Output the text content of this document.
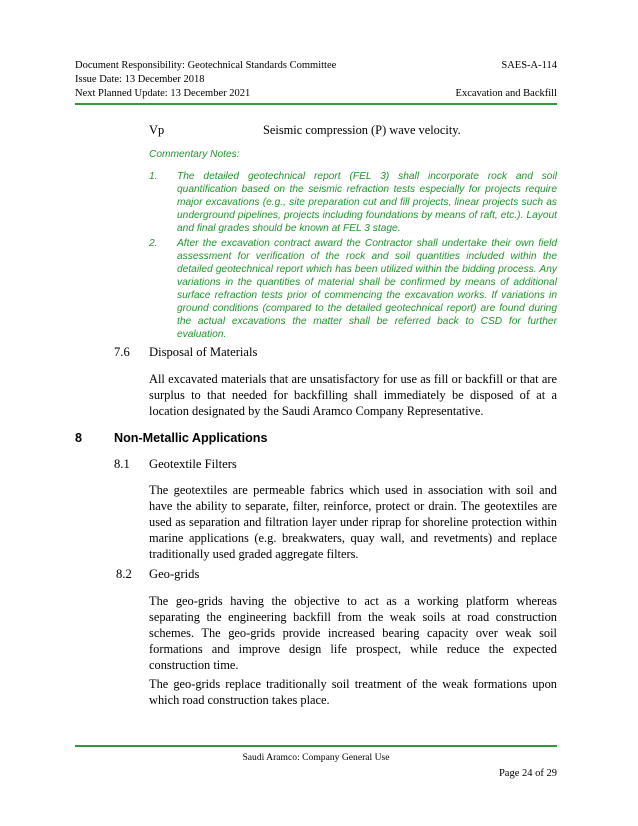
Document Responsibility: Geotechnical Standards Committee	SAES-A-114
Issue Date: 13 December 2018
Next Planned Update: 13 December 2021	Excavation and Backfill
Vp	Seismic compression (P) wave velocity.
Commentary Notes:
1. The detailed geotechnical report (FEL 3) shall incorporate rock and soil quantification based on the seismic refraction tests especially for projects require major excavations (e.g., site preparation cut and fill projects, linear projects such as underground pipelines, projects including foundations by means of raft, etc.). Layout and final grades should be known at FEL 3 stage.
2. After the excavation contract award the Contractor shall undertake their own field assessment for verification of the rock and soil quantities included within the detailed geotechnical report which has been utilized within the bidding process. Any variations in the quantities of material shall be confirmed by means of additional surface refraction tests prior of commencing the excavation works. If variations in ground conditions (compared to the detailed geotechnical report) are found during the actual excavations the matter shall be referred back to CSD for further evaluation.
7.6 Disposal of Materials
All excavated materials that are unsatisfactory for use as fill or backfill or that are surplus to that needed for backfilling shall immediately be disposed of at a location designated by the Saudi Aramco Company Representative.
8	Non-Metallic Applications
8.1 Geotextile Filters
The geotextiles are permeable fabrics which used in association with soil and have the ability to separate, filter, reinforce, protect or drain. The geotextiles are used as separation and filtration layer under riprap for shoreline protection within marine applications (e.g. breakwaters, quay wall, and revetments) and replace traditionally used graded aggregate filters.
8.2 Geo-grids
The geo-grids having the objective to act as a working platform whereas separating the engineering backfill from the weak soils at road construction schemes. The geo-grids provide increased bearing capacity over weak soil formations and improve design life prospect, while reduce the expected construction time.
The geo-grids replace traditionally soil treatment of the weak formations upon which road construction takes place.
Saudi Aramco: Company General Use
Page 24 of 29
